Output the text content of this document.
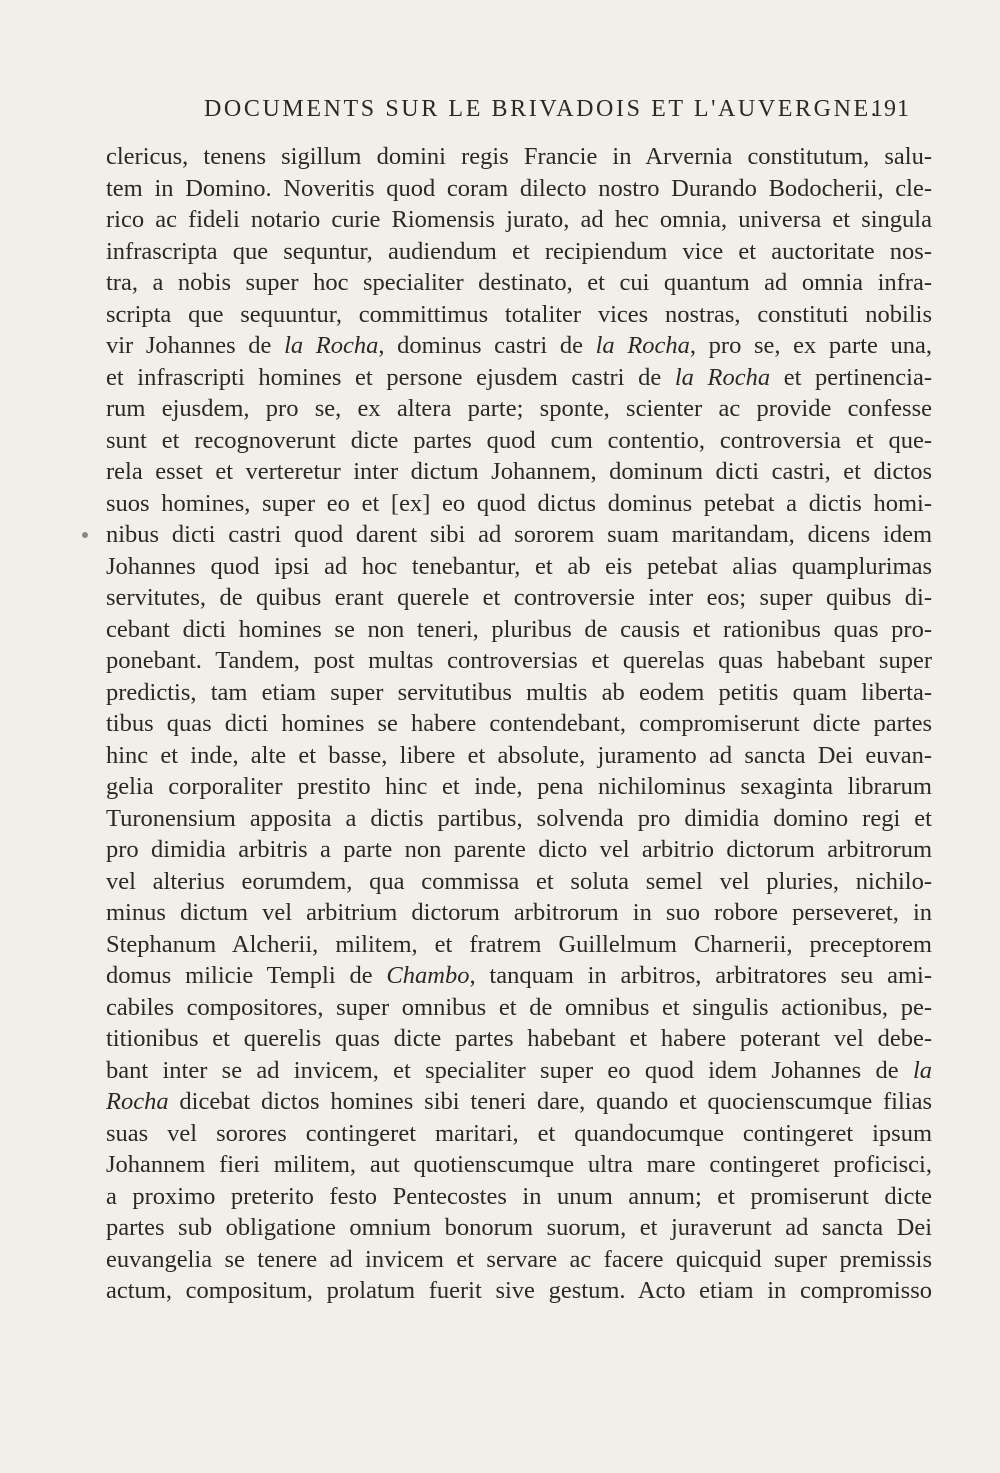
DOCUMENTS SUR LE BRIVADOIS ET L'AUVERGNE.
191
clericus, tenens sigillum domini regis Francie in Arvernia constitutum, salu-
tem in Domino. Noveritis quod coram dilecto nostro Durando Bodocherii, cle-
rico ac fideli notario curie Riomensis jurato, ad hec omnia, universa et singula
infrascripta que sequntur, audiendum et recipiendum vice et auctoritate nos-
tra, a nobis super hoc specialiter destinato, et cui quantum ad omnia infra-
scripta que sequuntur, committimus totaliter vices nostras, constituti nobilis
vir Johannes de la Rocha, dominus castri de la Rocha, pro se, ex parte una,
et infrascripti homines et persone ejusdem castri de la Rocha et pertinencia-
rum ejusdem, pro se, ex altera parte; sponte, scienter ac provide confesse
sunt et recognoverunt dicte partes quod cum contentio, controversia et que-
rela esset et verteretur inter dictum Johannem, dominum dicti castri, et dictos
suos homines, super eo et [ex] eo quod dictus dominus petebat a dictis homi-
nibus dicti castri quod darent sibi ad sororem suam maritandam, dicens idem
Johannes quod ipsi ad hoc tenebantur, et ab eis petebat alias quamplurimas
servitutes, de quibus erant querele et controversie inter eos; super quibus di-
cebant dicti homines se non teneri, pluribus de causis et rationibus quas pro-
ponebant. Tandem, post multas controversias et querelas quas habebant super
predictis, tam etiam super servitutibus multis ab eodem petitis quam liberta-
tibus quas dicti homines se habere contendebant, compromiserunt dicte partes
hinc et inde, alte et basse, libere et absolute, juramento ad sancta Dei euvan-
gelia corporaliter prestito hinc et inde, pena nichilominus sexaginta librarum
Turonensium apposita a dictis partibus, solvenda pro dimidia domino regi et
pro dimidia arbitris a parte non parente dicto vel arbitrio dictorum arbitrorum
vel alterius eorumdem, qua commissa et soluta semel vel pluries, nichilo-
minus dictum vel arbitrium dictorum arbitrorum in suo robore perseveret, in
Stephanum Alcherii, militem, et fratrem Guillelmum Charnerii, preceptorem
domus milicie Templi de Chambo, tanquam in arbitros, arbitratores seu ami-
cabiles compositores, super omnibus et de omnibus et singulis actionibus, pe-
titionibus et querelis quas dicte partes habebant et habere poterant vel debe-
bant inter se ad invicem, et specialiter super eo quod idem Johannes de la
Rocha dicebat dictos homines sibi teneri dare, quando et quocienscumque filias
suas vel sorores contingeret maritari, et quandocumque contingeret ipsum
Johannem fieri militem, aut quotienscumque ultra mare contingeret proficisci,
a proximo preterito festo Pentecostes in unum annum; et promiserunt dicte
partes sub obligatione omnium bonorum suorum, et juraverunt ad sancta Dei
euvangelia se tenere ad invicem et servare ac facere quicquid super premissis
actum, compositum, prolatum fuerit sive gestum. Acto etiam in compromisso
